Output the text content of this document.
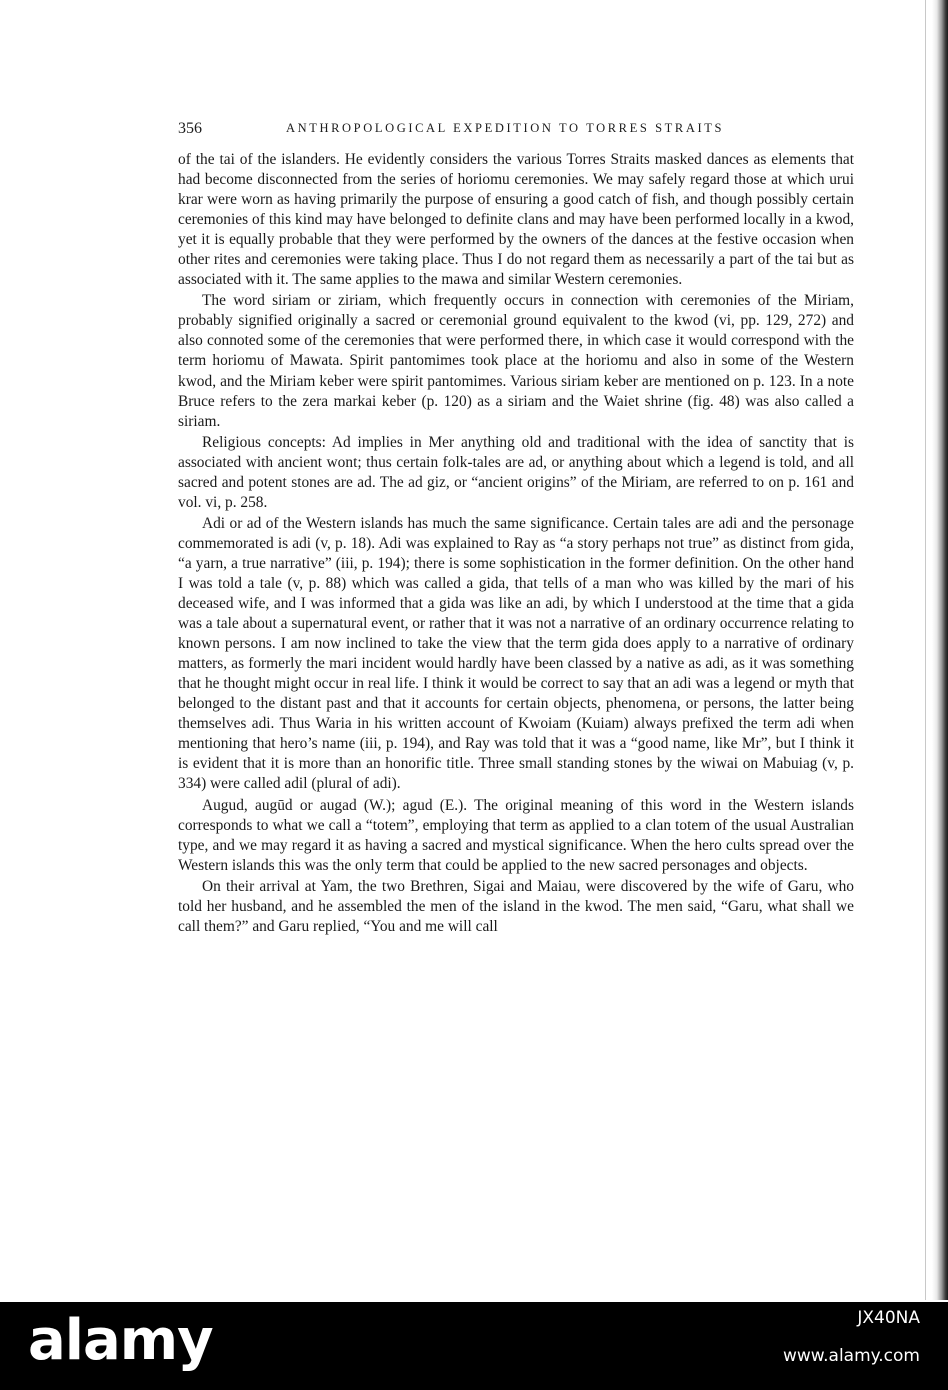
356	ANTHROPOLOGICAL EXPEDITION TO TORRES STRAITS

of the tai of the islanders. He evidently considers the various Torres Straits masked dances as elements that had become disconnected from the series of horiomu ceremonies. We may safely regard those at which urui krar were worn as having primarily the purpose of ensuring a good catch of fish, and though possibly certain ceremonies of this kind may have belonged to definite clans and may have been performed locally in a kwod, yet it is equally probable that they were performed by the owners of the dances at the festive occasion when other rites and ceremonies were taking place. Thus I do not regard them as necessarily a part of the tai but as associated with it. The same applies to the mawa and similar Western ceremonies.

The word siriam or ziriam, which frequently occurs in connection with ceremonies of the Miriam, probably signified originally a sacred or ceremonial ground equivalent to the kwod (vi, pp. 129, 272) and also connoted some of the ceremonies that were performed there, in which case it would correspond with the term horiomu of Mawata. Spirit pantomimes took place at the horiomu and also in some of the Western kwod, and the Miriam keber were spirit pantomimes. Various siriam keber are mentioned on p. 123. In a note Bruce refers to the zera markai keber (p. 120) as a siriam and the Waiet shrine (fig. 48) was also called a siriam.

Religious concepts: Ad implies in Mer anything old and traditional with the idea of sanctity that is associated with ancient wont; thus certain folk-tales are ad, or anything about which a legend is told, and all sacred and potent stones are ad. The ad giz, or “ancient origins” of the Miriam, are referred to on p. 161 and vol. vi, p. 258.

Adi or ad of the Western islands has much the same significance. Certain tales are adi and the personage commemorated is adi (v, p. 18). Adi was explained to Ray as “a story perhaps not true” as distinct from gida, “a yarn, a true narrative” (iii, p. 194); there is some sophistication in the former definition. On the other hand I was told a tale (v, p. 88) which was called a gida, that tells of a man who was killed by the mari of his deceased wife, and I was informed that a gida was like an adi, by which I understood at the time that a gida was a tale about a supernatural event, or rather that it was not a narrative of an ordinary occurrence relating to known persons. I am now inclined to take the view that the term gida does apply to a narrative of ordinary matters, as formerly the mari incident would hardly have been classed by a native as adi, as it was something that he thought might occur in real life. I think it would be correct to say that an adi was a legend or myth that belonged to the distant past and that it accounts for certain objects, phenomena, or persons, the latter being themselves adi. Thus Waria in his written account of Kwoiam (Kuiam) always prefixed the term adi when mentioning that hero’s name (iii, p. 194), and Ray was told that it was a “good name, like Mr”, but I think it is evident that it is more than an honorific title. Three small standing stones by the wiwai on Mabuiag (v, p. 334) were called adil (plural of adi).

Augud, augūd or augad (W.); agud (E.). The original meaning of this word in the Western islands corresponds to what we call a “totem”, employing that term as applied to a clan totem of the usual Australian type, and we may regard it as having a sacred and mystical significance. When the hero cults spread over the Western islands this was the only term that could be applied to the new sacred personages and objects.

On their arrival at Yam, the two Brethren, Sigai and Maiau, were discovered by the wife of Garu, who told her husband, and he assembled the men of the island in the kwod. The men said, “Garu, what shall we call them?” and Garu replied, “You and me will call

alamy	JX40NA
www.alamy.com
